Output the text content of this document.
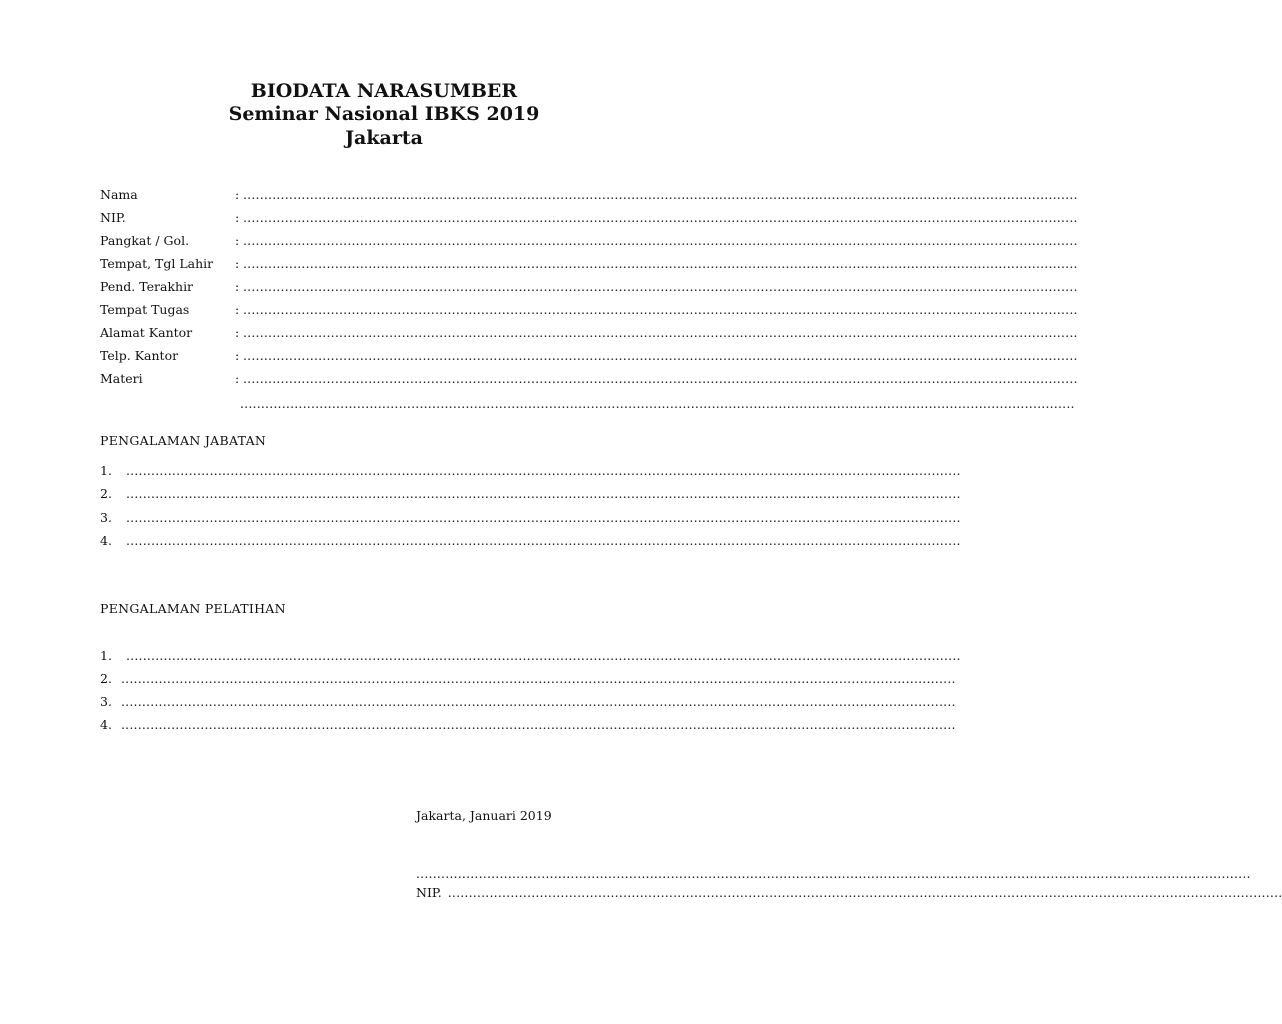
BIODATA NARASUMBER
Seminar Nasional IBKS 2019
Jakarta
Nama	: ........................................................................................................................................................................................................
NIP.	: ........................................................................................................................................................................................................
Pangkat / Gol.	: ........................................................................................................................................................................................................
Tempat, Tgl Lahir : ........................................................................................................................................................................................................
Pend. Terakhir	: ........................................................................................................................................................................................................
Tempat Tugas	: ........................................................................................................................................................................................................
Alamat Kantor	: ........................................................................................................................................................................................................
Telp. Kantor	: ........................................................................................................................................................................................................
Materi	: ........................................................................................................................................................................................................
........................................................................................................................................................................................................
PENGALAMAN JABATAN
1. ........................................................................................................................................................................................................
2. ........................................................................................................................................................................................................
3. ........................................................................................................................................................................................................
4. ........................................................................................................................................................................................................
PENGALAMAN PELATIHAN
1. ........................................................................................................................................................................................................
2. ........................................................................................................................................................................................................
3. ........................................................................................................................................................................................................
4. ........................................................................................................................................................................................................
Jakarta, Januari 2019
........................................................................................................................................................................................................
NIP. ........................................................................................................................................................................................................
